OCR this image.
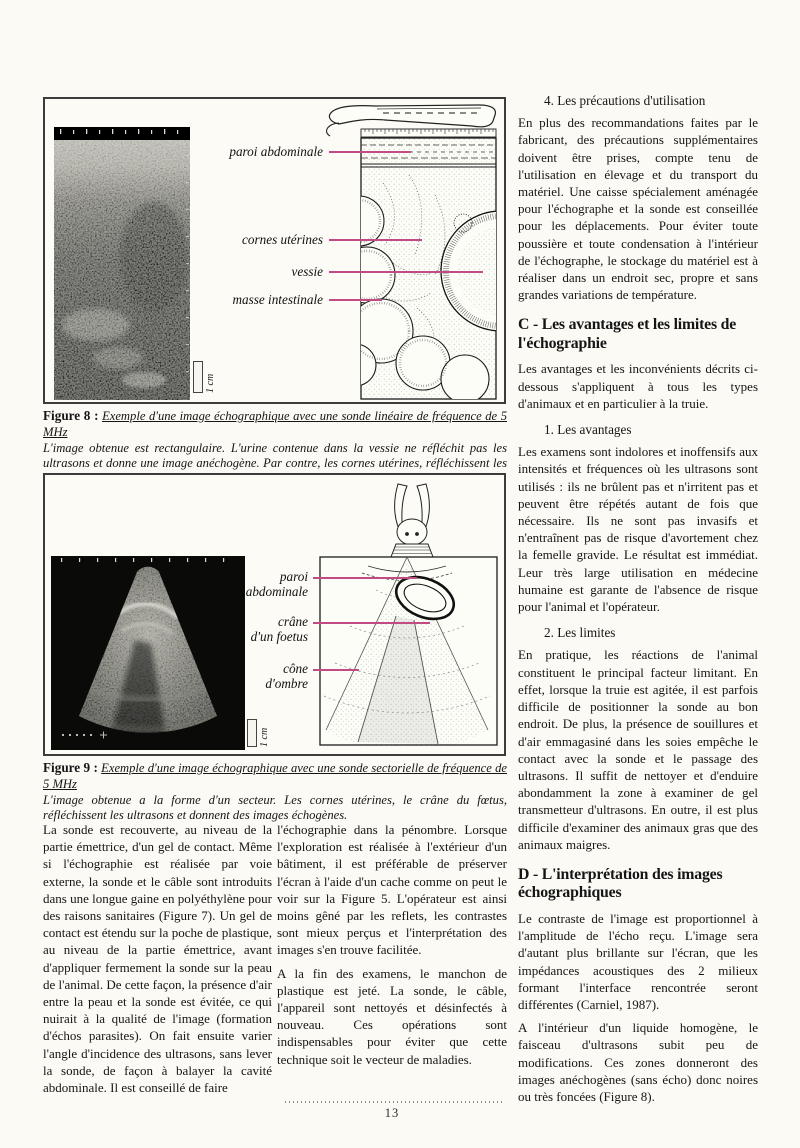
1 cm
paroi abdominale
cornes utérines
vessie
masse intestinale
Figure 8 : Exemple d'une image échographique avec une sonde linéaire de fréquence de 5 MHz
L'image obtenue est rectangulaire. L'urine contenue dans la vessie ne réfléchit pas les ultrasons et donne une image anéchogène. Par contre, les cornes utérines, réfléchissent les
1 cm
paroi
abdominale
crâne
d'un foetus
cône
d'ombre
Figure 9 : Exemple d'une image échographique avec une sonde sectorielle de fréquence de 5 MHz
L'image obtenue a la forme d'un secteur. Les cornes utérines, le crâne du fœtus, réfléchissent les ultrasons et donnent des images échogènes.

La sonde est recouverte, au niveau de la partie émettrice, d'un gel de contact. Même si l'échographie est réalisée par voie externe, la sonde et le câble sont introduits dans une longue gaine en polyéthylène pour des raisons sanitaires (Figure 7). Un gel de contact est étendu sur la poche de plastique, au niveau de la partie émettrice, avant d'appliquer fermement la sonde sur la peau de l'animal. De cette façon, la présence d'air entre la peau et la sonde est évitée, ce qui nuirait à la qualité de l'image (formation d'échos parasites). On fait ensuite varier l'angle d'incidence des ultrasons, sans lever la sonde, de façon à balayer la cavité abdominale. Il est conseillé de faire

l'échographie dans la pénombre. Lorsque l'exploration est réalisée à l'extérieur d'un bâtiment, il est préférable de préserver l'écran à l'aide d'un cache comme on peut le voir sur la Figure 5. L'opérateur est ainsi moins gêné par les reflets, les contrastes sont mieux perçus et l'interprétation des images s'en trouve facilitée.

A la fin des examens, le manchon de plastique est jeté. La sonde, le câble, l'appareil sont nettoyés et désinfectés à nouveau. Ces opérations sont indispensables pour éviter que cette technique soit le vecteur de maladies.

4. Les précautions d'utilisation

En plus des recommandations faites par le fabricant, des précautions supplémentaires doivent être prises, compte tenu de l'utilisation en élevage et du transport du matériel. Une caisse spécialement aménagée pour l'échographe et la sonde est conseillée pour les déplacements. Pour éviter toute poussière et toute condensation à l'intérieur de l'échographe, le stockage du matériel est à réaliser dans un endroit sec, propre et sans grandes variations de température.

C - Les avantages et les limites de l'échographie

Les avantages et les inconvénients décrits ci-dessous s'appliquent à tous les types d'animaux et en particulier à la truie.

1. Les avantages

Les examens sont indolores et inoffensifs aux intensités et fréquences où les ultrasons sont utilisés : ils ne brûlent pas et n'irritent pas et peuvent être répétés autant de fois que nécessaire. Ils ne sont pas invasifs et n'entraînent pas de risque d'avortement chez la femelle gravide. Le résultat est immédiat. Leur très large utilisation en médecine humaine est garante de l'absence de risque pour l'animal et l'opérateur.

2. Les limites

En pratique, les réactions de l'animal constituent le principal facteur limitant. En effet, lorsque la truie est agitée, il est parfois difficile de positionner la sonde au bon endroit. De plus, la présence de souillures et d'air emmagasiné dans les soies empêche le contact avec la sonde et le passage des ultrasons. Il suffit de nettoyer et d'enduire abondamment la zone à examiner de gel transmetteur d'ultrasons. En outre, il est plus difficile d'examiner des animaux gras que des animaux maigres.

D - L'interprétation des images échographiques

Le contraste de l'image est proportionnel à l'amplitude de l'écho reçu. L'image sera d'autant plus brillante sur l'écran, que les impédances acoustiques des 2 milieux formant l'interface rencontrée seront différentes (Carniel, 1987).

A l'intérieur d'un liquide homogène, le faisceau d'ultrasons subit peu de modifications. Ces zones donneront des images anéchogènes (sans écho) donc noires ou très foncées (Figure 8).

13
